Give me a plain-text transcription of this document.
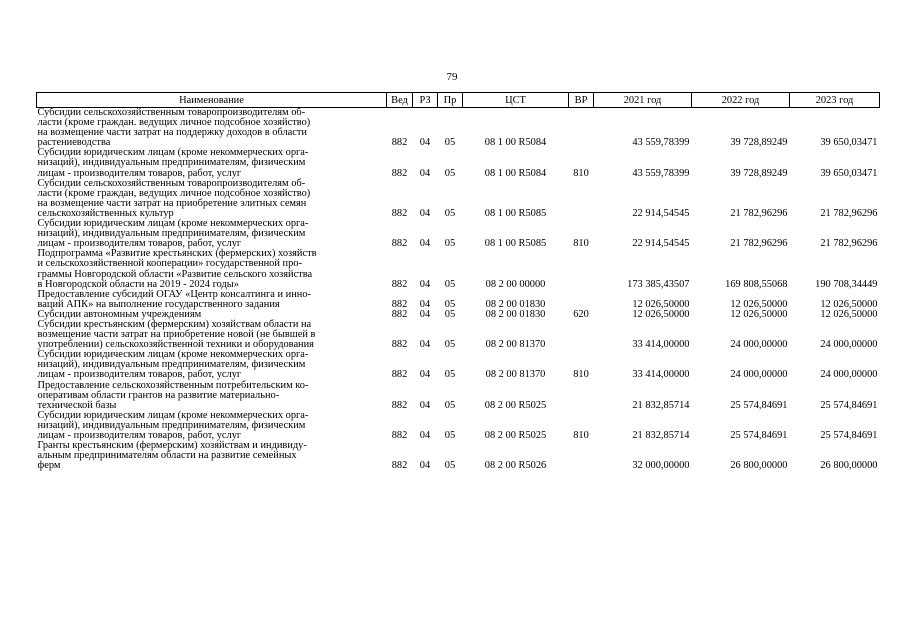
79
Наименование	Вед	РЗ	Пр	ЦСТ	ВР	2021 год	2022 год	2023 год

Субсидии сельскохозяйственным товаропроизводителям об-
ласти (кроме граждан. ведущих личное подсобное хозяйство)
на возмещение части затрат на поддержку доходов в области
растениеводства	882	04	05	08 1 00 R5084		43 559,78399	39 728,89249	39 650,03471

Субсидии юридическим лицам (кроме некоммерческих орга-
низаций), индивидуальным предпринимателям, физическим
лицам - производителям товаров, работ, услуг	882	04	05	08 1 00 R5084	810	43 559,78399	39 728,89249	39 650,03471

Субсидии сельскохозяйственным товаропроизводителям об-
ласти (кроме граждан, ведущих личное подсобное хозяйство)
на возмещение части затрат на приобретение элитных семян
сельскохозяйственных культур	882	04	05	08 1 00 R5085		22 914,54545	21 782,96296	21 782,96296

Субсидии юридическим лицам (кроме некоммерческих орга-
низаций), индивидуальным предпринимателям, физическим
лицам - производителям товаров, работ, услуг	882	04	05	08 1 00 R5085	810	22 914,54545	21 782,96296	21 782,96296

Подпрограмма «Развитие крестьянских (фермерских) хозяйств
и сельскохозяйственной кооперации» государственной про-
граммы Новгородской области «Развитие сельского хозяйства
в Новгородской области на 2019 - 2024 годы»	882	04	05	08 2 00 00000		173 385,43507	169 808,55068	190 708,34449

Предоставление субсидий ОГАУ «Центр консалтинга и инно-
ваций АПК» на выполнение государственного задания	882	04	05	08 2 00 01830		12 026,50000	12 026,50000	12 026,50000

Субсидии автономным учреждениям	882	04	05	08 2 00 01830	620	12 026,50000	12 026,50000	12 026,50000

Субсидии крестьянским (фермерским) хозяйствам области на
возмещение части затрат на приобретение новой (не бывшей в
употреблении) сельскохозяйственной техники и оборудования	882	04	05	08 2 00 81370		33 414,00000	24 000,00000	24 000,00000

Субсидии юридическим лицам (кроме некоммерческих орга-
низаций), индивидуальным предпринимателям, физическим
лицам - производителям товаров, работ, услуг	882	04	05	08 2 00 81370	810	33 414,00000	24 000,00000	24 000,00000

Предоставление сельскохозяйственным потребительским ко-
оперативам области грантов на развитие материально-
технической базы	882	04	05	08 2 00 R5025		21 832,85714	25 574,84691	25 574,84691

Субсидии юридическим лицам (кроме некоммерческих орга-
низаций), индивидуальным предпринимателям, физическим
лицам - производителям товаров, работ, услуг	882	04	05	08 2 00 R5025	810	21 832,85714	25 574,84691	25 574,84691

Гранты крестьянским (фермерским) хозяйствам и индивиду-
альным предпринимателям области на развитие семейных
ферм	882	04	05	08 2 00 R5026		32 000,00000	26 800,00000	26 800,00000
